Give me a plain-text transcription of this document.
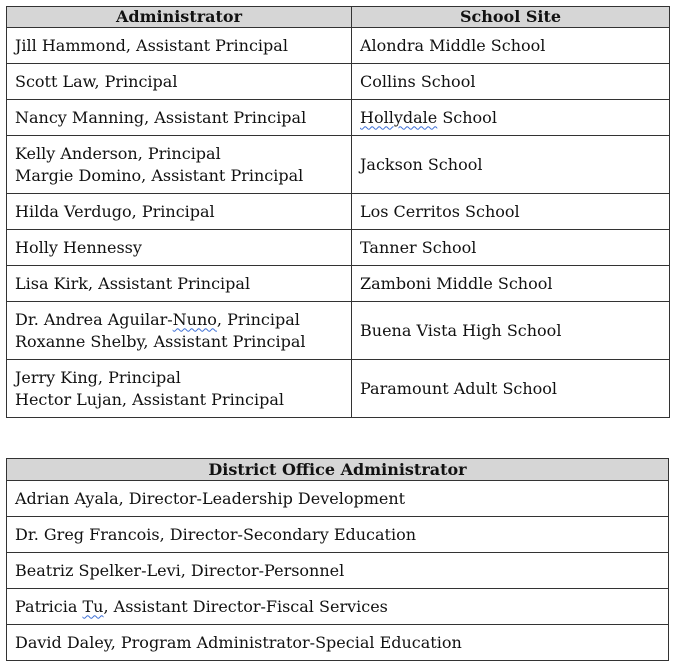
Administrator	School Site

Jill Hammond, Assistant Principal	Alondra Middle School

Scott Law, Principal	Collins School

Nancy Manning, Assistant Principal	Hollydale School

Kelly Anderson, Principal
Margie Domino, Assistant Principal	Jackson School

Hilda Verdugo, Principal	Los Cerritos School

Holly Hennessy	Tanner School

Lisa Kirk, Assistant Principal	Zamboni Middle School

Dr. Andrea Aguilar-Nuno, Principal
Roxanne Shelby, Assistant Principal	Buena Vista High School

Jerry King, Principal
Hector Lujan, Assistant Principal	Paramount Adult School
District Office Administrator
Adrian Ayala, Director-Leadership Development
Dr. Greg Francois, Director-Secondary Education
Beatriz Spelker-Levi, Director-Personnel
Patricia Tu, Assistant Director-Fiscal Services
David Daley, Program Administrator-Special Education
